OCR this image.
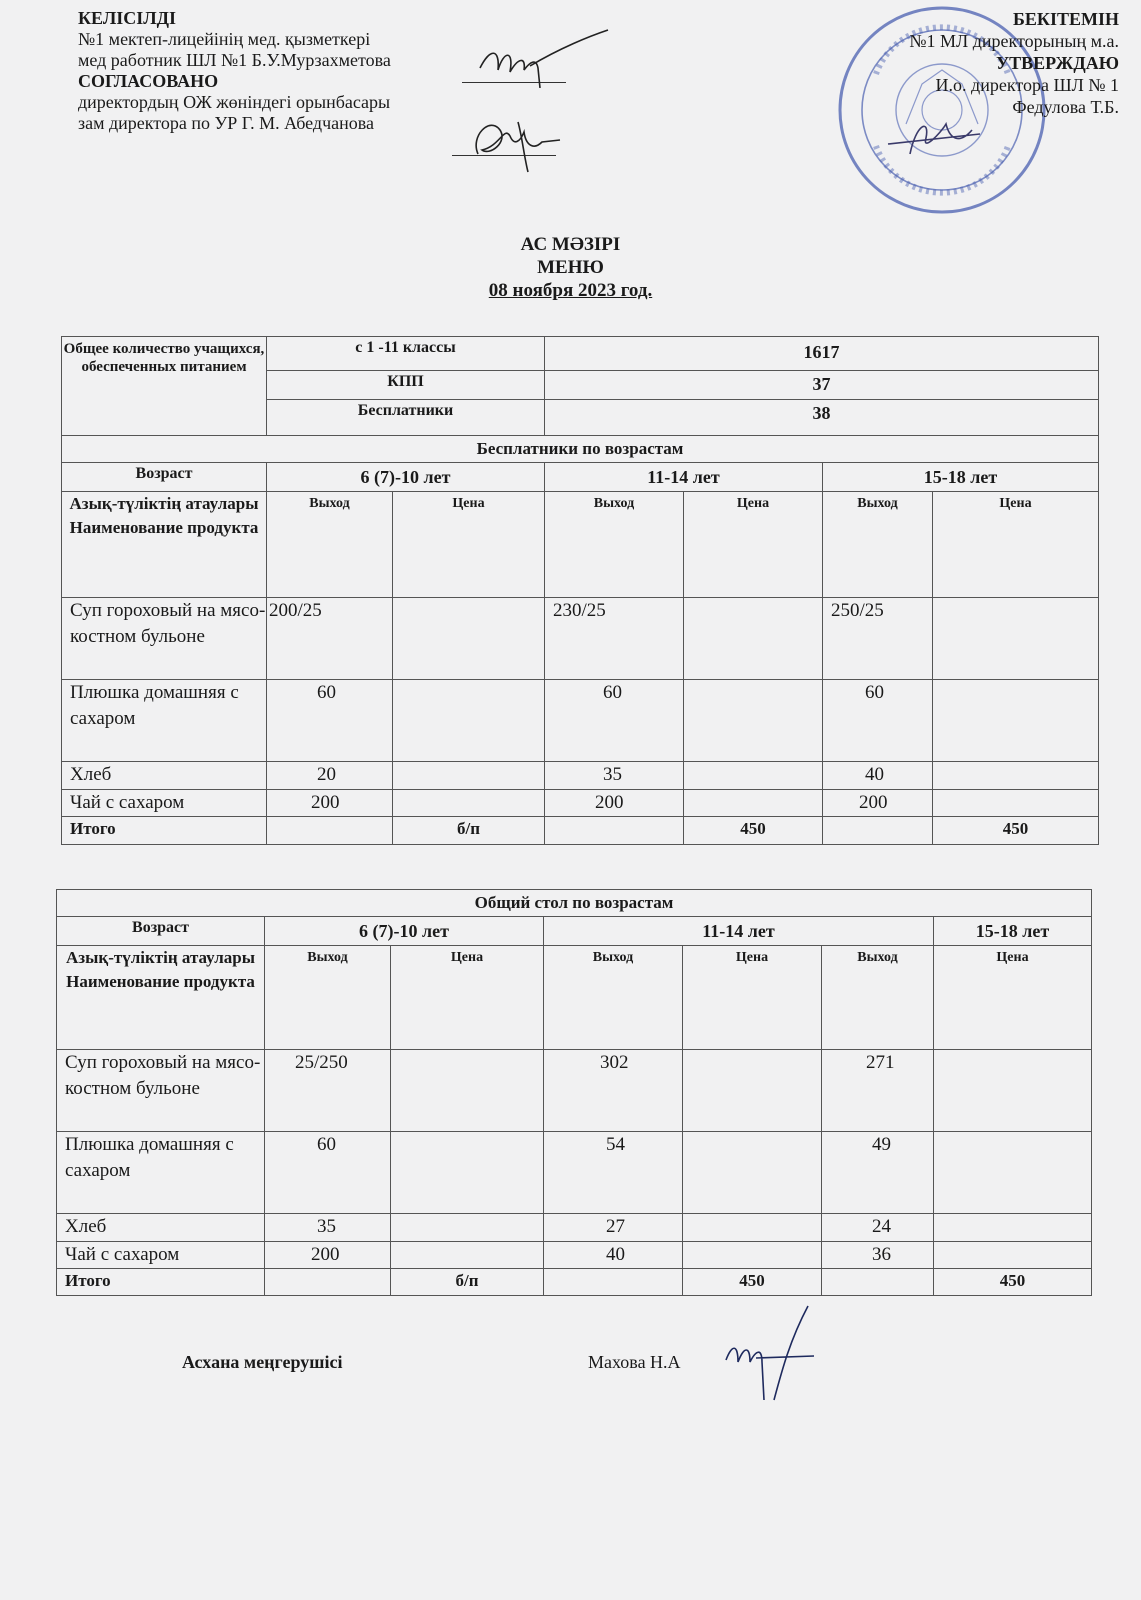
КЕЛІСІЛДІ
№1 мектеп-лицейінің мед. қызметкері
мед работник ШЛ №1 Б.У.Мурзахметова
СОГЛАСОВАНО
директордың ОЖ жөніндегі орынбасары
зам директора по УР Г. М. Абедчанова
БЕКІТЕМІН
№1 МЛ директорының м.а.
УТВЕРЖДАЮ
И.о. директора ШЛ № 1
Федулова Т.Б.
АС МӘЗІРІ
МЕНЮ
08 ноября 2023 год.
Общее количество учащихся, обеспеченных питанием	с 1 -11 классы		1617			
	КПП		37			
	Бесплатники		38			
Бесплатники по возрастам						
Возраст	6 (7)-10 лет		11-14 лет		15-18 лет	
Азық-түліктің атаулары Наименование продукта	Выход	Цена	Выход	Цена	Выход	Цена
Суп гороховый на мясо-костном бульоне	200/25		230/25		250/25	
Плюшка домашняя с сахаром	60		60		60	
Хлеб	20		35		40	
Чай с сахаром	200		200		200	
Итого		б/п		450		450
Общий стол по возрастам						
Возраст	6 (7)-10 лет		11-14 лет			15-18 лет
Азық-түліктің атаулары Наименование продукта	Выход	Цена	Выход	Цена	Выход	Цена
Суп гороховый на мясо-костном бульоне	25/250		302		271	
Плюшка домашняя с сахаром	60		54		49	
Хлеб	35		27		24	
Чай с сахаром	200		40		36	
Итого		б/п		450		450
Асхана меңгерушісі	Махова Н.А
